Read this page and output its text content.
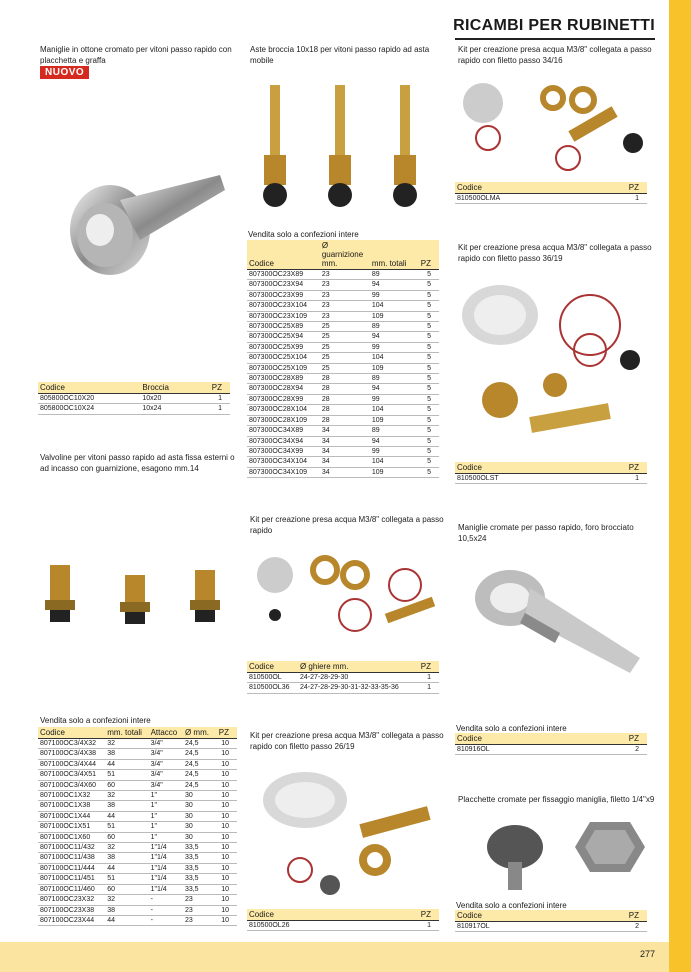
277
RICAMBI PER RUBINETTI
Maniglie in ottone cromato per vitoni passo rapido con placchetta e graffa
NUOVO
Codice	Broccia	PZ
805800OC10X20	10x20	1
805800OC10X24	10x24	1
Valvoline per vitoni passo rapido ad asta fissa esterni o ad incasso con guarnizione, esagono mm.14
Vendita solo a confezioni intere
Codice	mm. totali	Attacco	Ø mm.	PZ
807100OC3/4X32	32	3/4"	24,5	10
807100OC3/4X38	38	3/4"	24,5	10
807100OC3/4X44	44	3/4"	24,5	10
807100OC3/4X51	51	3/4"	24,5	10
807100OC3/4X60	60	3/4"	24,5	10
807100OC1X32	32	1"	30	10
807100OC1X38	38	1"	30	10
807100OC1X44	44	1"	30	10
807100OC1X51	51	1"	30	10
807100OC1X60	60	1"	30	10
807100OC11/432	32	1"1/4	33,5	10
807100OC11/438	38	1"1/4	33,5	10
807100OC11/444	44	1"1/4	33,5	10
807100OC11/451	51	1"1/4	33,5	10
807100OC11/460	60	1"1/4	33,5	10
807100OC23X32	32	-	23	10
807100OC23X38	38	-	23	10
807100OC23X44	44	-	23	10
Aste broccia 10x18 per vitoni passo rapido ad asta mobile
Vendita solo a confezioni intere
Codice	Ø guarnizione mm.	mm. totali	PZ
807300OC23X89	23	89	5
807300OC23X94	23	94	5
807300OC23X99	23	99	5
807300OC23X104	23	104	5
807300OC23X109	23	109	5
807300OC25X89	25	89	5
807300OC25X94	25	94	5
807300OC25X99	25	99	5
807300OC25X104	25	104	5
807300OC25X109	25	109	5
807300OC28X89	28	89	5
807300OC28X94	28	94	5
807300OC28X99	28	99	5
807300OC28X104	28	104	5
807300OC28X109	28	109	5
807300OC34X89	34	89	5
807300OC34X94	34	94	5
807300OC34X99	34	99	5
807300OC34X104	34	104	5
807300OC34X109	34	109	5
Kit per creazione presa acqua M3/8" collegata a passo rapido
Codice	Ø ghiere mm.	PZ
810500OL	24-27-28-29-30	1
810500OL36	24-27-28-29-30-31-32-33-35-36	1
Kit per creazione presa acqua M3/8" collegata a passo rapido con filetto passo 26/19
Codice	PZ
810500OL26	1
Kit per creazione presa acqua M3/8" collegata a passo rapido con filetto passo 34/16
Codice	PZ
810500OLMA	1
Kit per creazione presa acqua M3/8" collegata a passo rapido con filetto passo 36/19
Codice	PZ
810500OLST	1
Maniglie cromate per passo rapido, foro brocciato 10,5x24
Vendita solo a confezioni intere
Codice	PZ
810916OL	2
Placchette cromate per fissaggio maniglia, filetto 1/4"x9
Vendita solo a confezioni intere
Codice	PZ
810917OL	2
